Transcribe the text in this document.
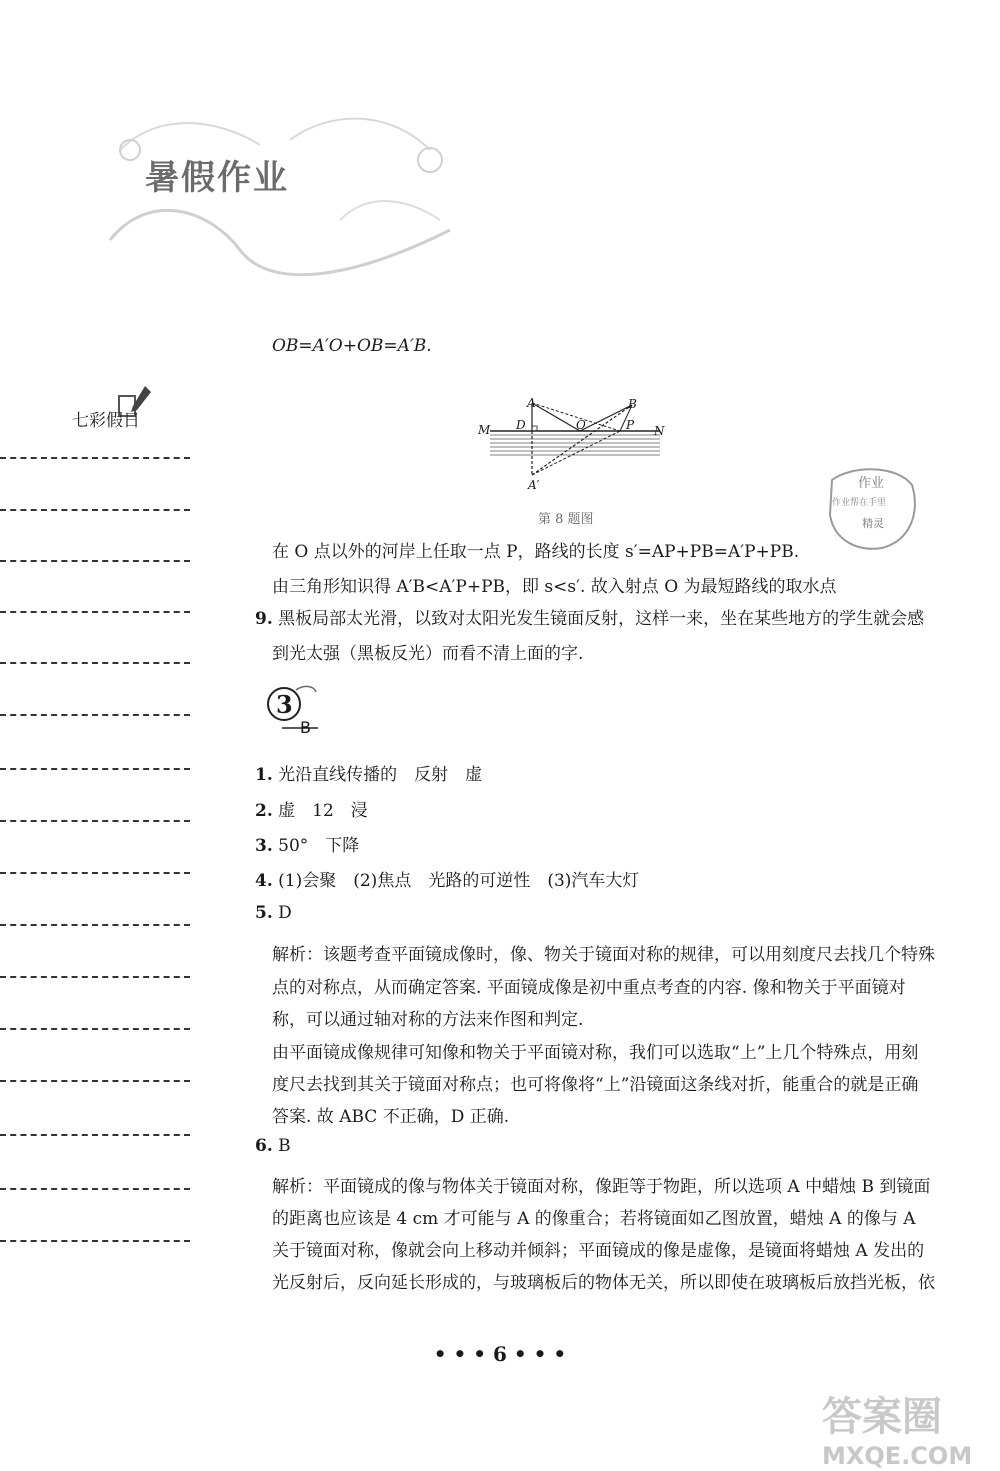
暑假作业
七彩假日
OB=A′O+OB=A′B.
A	B
M D	O	P N
A′
第 8 题图
作业
作业帮在手里
精灵
在 O 点以外的河岸上任取一点 P，路线的长度 s′=AP+PB=A′P+PB.
由三角形知识得 A′B<A′P+PB，即 s<s′. 故入射点 O 为最短路线的取水点
9. 黑板局部太光滑，以致对太阳光发生镜面反射，这样一来，坐在某些地方的学生就会感
到光太强（黑板反光）而看不清上面的字.
3
B
1. 光沿直线传播的　反射　虚
2. 虚　12　浸
3. 50°　下降
4. (1)会聚　(2)焦点　光路的可逆性　(3)汽车大灯
5. D
解析：该题考查平面镜成像时，像、物关于镜面对称的规律，可以用刻度尺去找几个特殊
点的对称点，从而确定答案. 平面镜成像是初中重点考查的内容. 像和物关于平面镜对
称，可以通过轴对称的方法来作图和判定.
由平面镜成像规律可知像和物关于平面镜对称，我们可以选取“上”上几个特殊点，用刻
度尺去找到其关于镜面对称点；也可将像将“上”沿镜面这条线对折，能重合的就是正确
答案. 故 ABC 不正确，D 正确.
6. B
解析：平面镜成的像与物体关于镜面对称，像距等于物距，所以选项 A 中蜡烛 B 到镜面
的距离也应该是 4 cm 才可能与 A 的像重合；若将镜面如乙图放置，蜡烛 A 的像与 A
关于镜面对称，像就会向上移动并倾斜；平面镜成的像是虚像，是镜面将蜡烛 A 发出的
光反射后，反向延长形成的，与玻璃板后的物体无关，所以即使在玻璃板后放挡光板，依
• • • 6 • • •
答案圈
MXQE.COM
